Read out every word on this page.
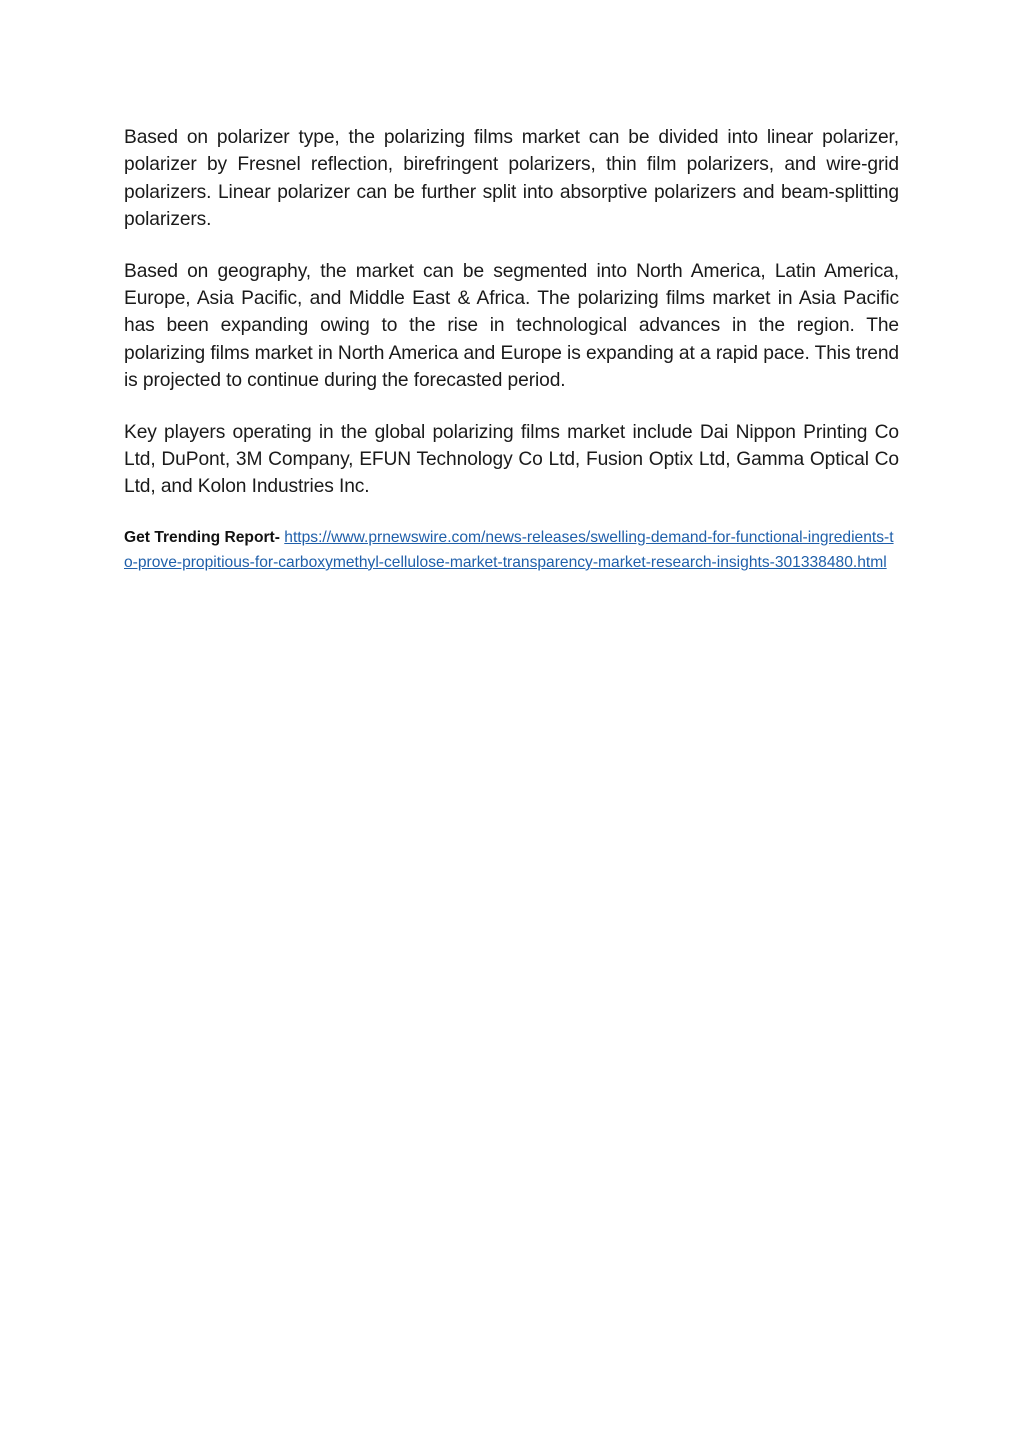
Based on polarizer type, the polarizing films market can be divided into linear polarizer, polarizer by Fresnel reflection, birefringent polarizers, thin film polarizers, and wire-grid polarizers. Linear polarizer can be further split into absorptive polarizers and beam-splitting polarizers.

Based on geography, the market can be segmented into North America, Latin America, Europe, Asia Pacific, and Middle East & Africa. The polarizing films market in Asia Pacific has been expanding owing to the rise in technological advances in the region. The polarizing films market in North America and Europe is expanding at a rapid pace. This trend is projected to continue during the forecasted period.

Key players operating in the global polarizing films market include Dai Nippon Printing Co Ltd, DuPont, 3M Company, EFUN Technology Co Ltd, Fusion Optix Ltd, Gamma Optical Co Ltd, and Kolon Industries Inc.

Get Trending Report- https://www.prnewswire.com/news-releases/swelling-demand-for-functional-ingredients-to-prove-propitious-for-carboxymethyl-cellulose-market-transparency-market-research-insights-301338480.html
